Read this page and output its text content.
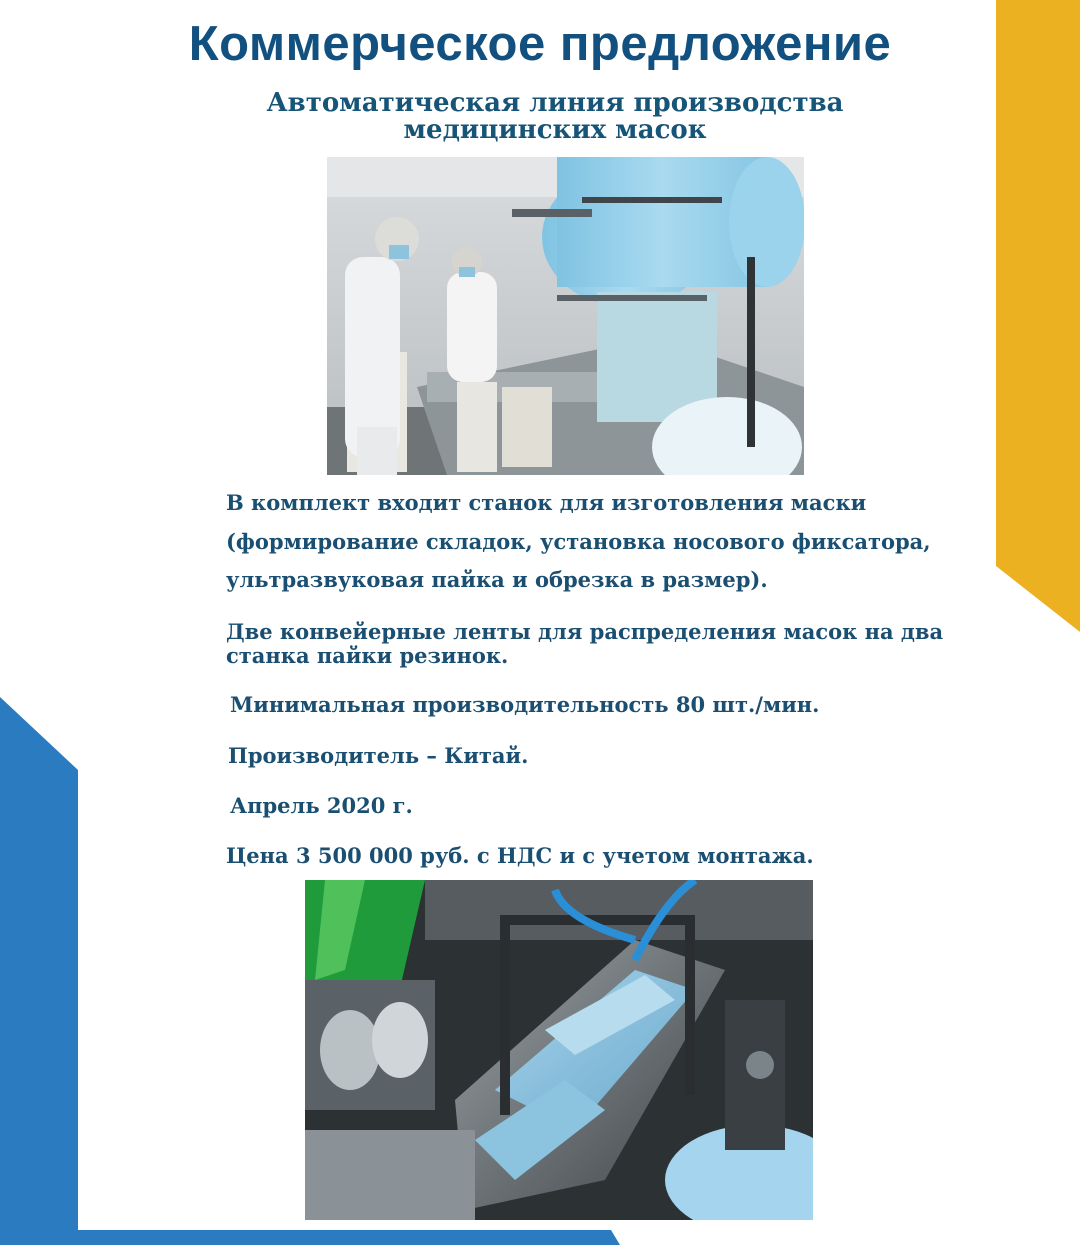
Коммерческое предложение
Автоматическая линия производства медицинских масок

В комплект входит станок для изготовления маски
(формирование складок, установка носового фиксатора,
ультразвуковая пайка и обрезка в размер).

Две конвейерные ленты для распределения масок на два
станка пайки резинок.

Минимальная производительность 80 шт./мин.

Производитель – Китай.

Апрель 2020 г.

Цена 3 500 000 руб. с НДС и с учетом монтажа.
